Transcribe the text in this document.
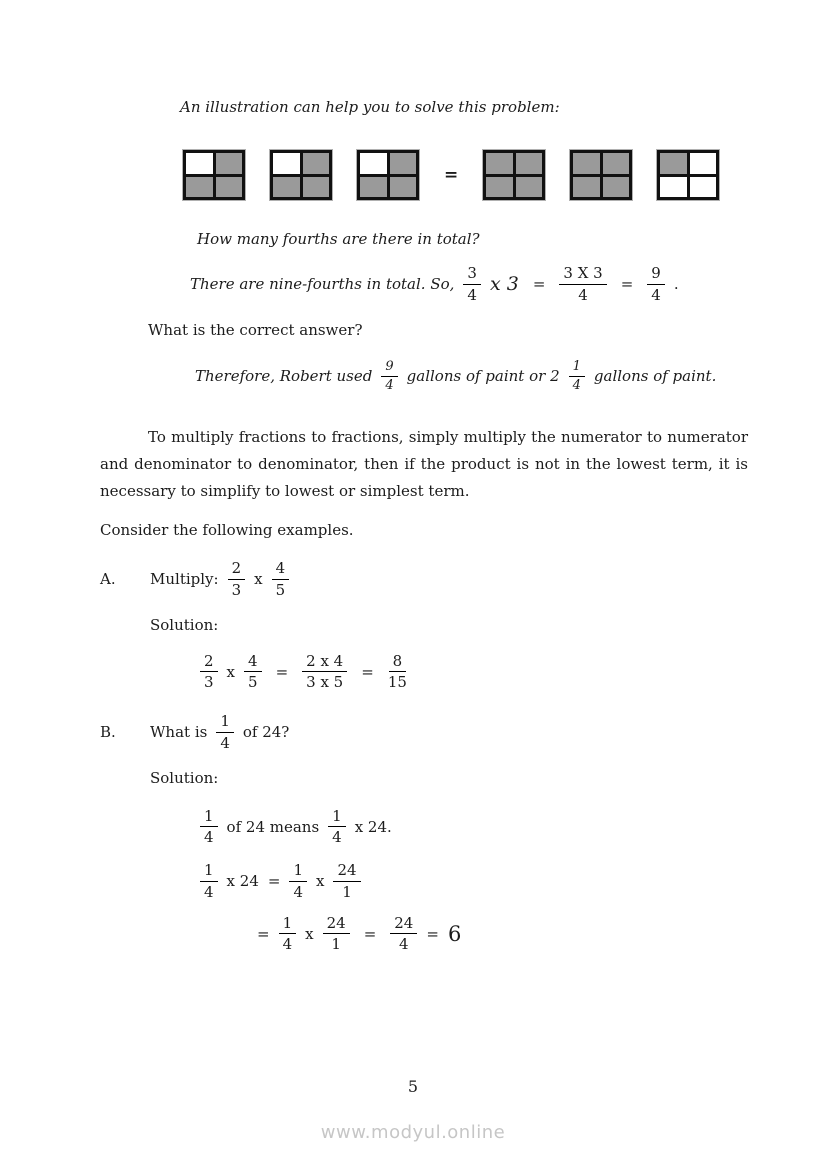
An illustration can help you to solve this problem:

=

How many fourths are there in total?

There are nine-fourths in total. So, $\frac{3}{4}$ x $3 = \frac{3 X 3}{4} = \frac{9}{4}$ .

What is the correct answer?

Therefore, Robert used $\frac{9}{4}$ gallons of paint or $2 \frac{1}{4}$ gallons of paint.
To multiply fractions to fractions, simply multiply the numerator to numerator
and denominator to denominator, then if the product is not in the lowest term, it is
necessary to simplify to lowest or simplest term.

Consider the following examples.

A.	Multiply: $\frac{2}{3}$ x $\frac{4}{5}$

Solution:

$\frac{2}{3}$ x $\frac{4}{5} = \frac{2 x 4}{3 x 5} = \frac{8}{15}$
B.	What is $\frac{1}{4}$ of 24?

Solution:

$\frac{1}{4}$ of 24 means $\frac{1}{4}$ x 24.
$\frac{1}{4}$ x $24 = \frac{1}{4}$ x $\frac{24}{1}$
= $\frac{1}{4}$ x $\frac{24}{1} = \frac{24}{4} = 6$
5
www.modyul.online
